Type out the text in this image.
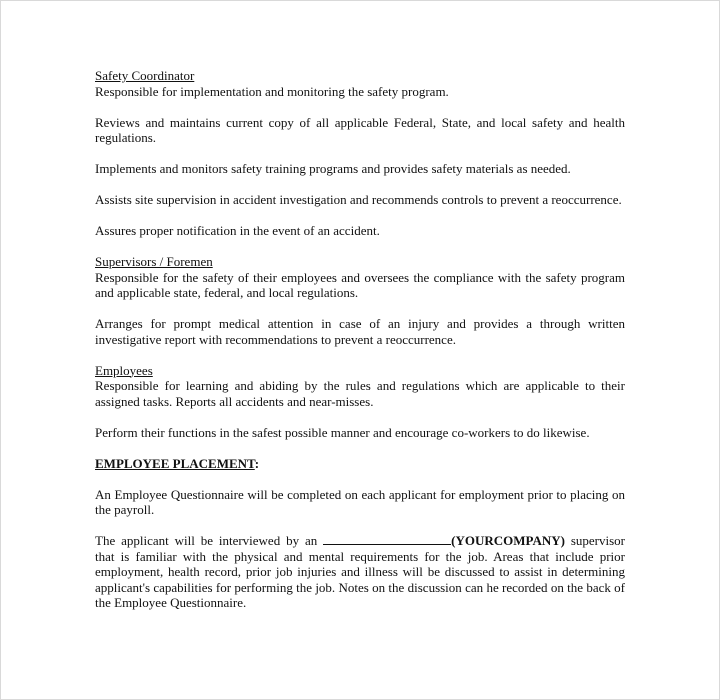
Safety Coordinator
Responsible for implementation and monitoring the safety program.

Reviews and maintains current copy of all applicable Federal, State, and local safety and health regulations.

Implements and monitors safety training programs and provides safety materials as needed.

Assists site supervision in accident investigation and recommends controls to prevent a reoccurrence.

Assures proper notification in the event of an accident.

Supervisors / Foremen
Responsible for the safety of their employees and oversees the compliance with the safety program and applicable state, federal, and local regulations.

Arranges for prompt medical attention in case of an injury and provides a through written investigative report with recommendations to prevent a reoccurrence.

Employees
Responsible for learning and abiding by the rules and regulations which are applicable to their assigned tasks. Reports all accidents and near-misses.

Perform their functions in the safest possible manner and encourage co-workers to do likewise.

EMPLOYEE PLACEMENT:

An Employee Questionnaire will be completed on each applicant for employment prior to placing on the payroll.

The applicant will be interviewed by an	(YOURCOMPANY) supervisor that is familiar with the physical and mental requirements for the job. Areas that include prior employment, health record, prior job injuries and illness will be discussed to assist in determining applicant's capabilities for performing the job. Notes on the discussion can he recorded on the back of the Employee Questionnaire.
